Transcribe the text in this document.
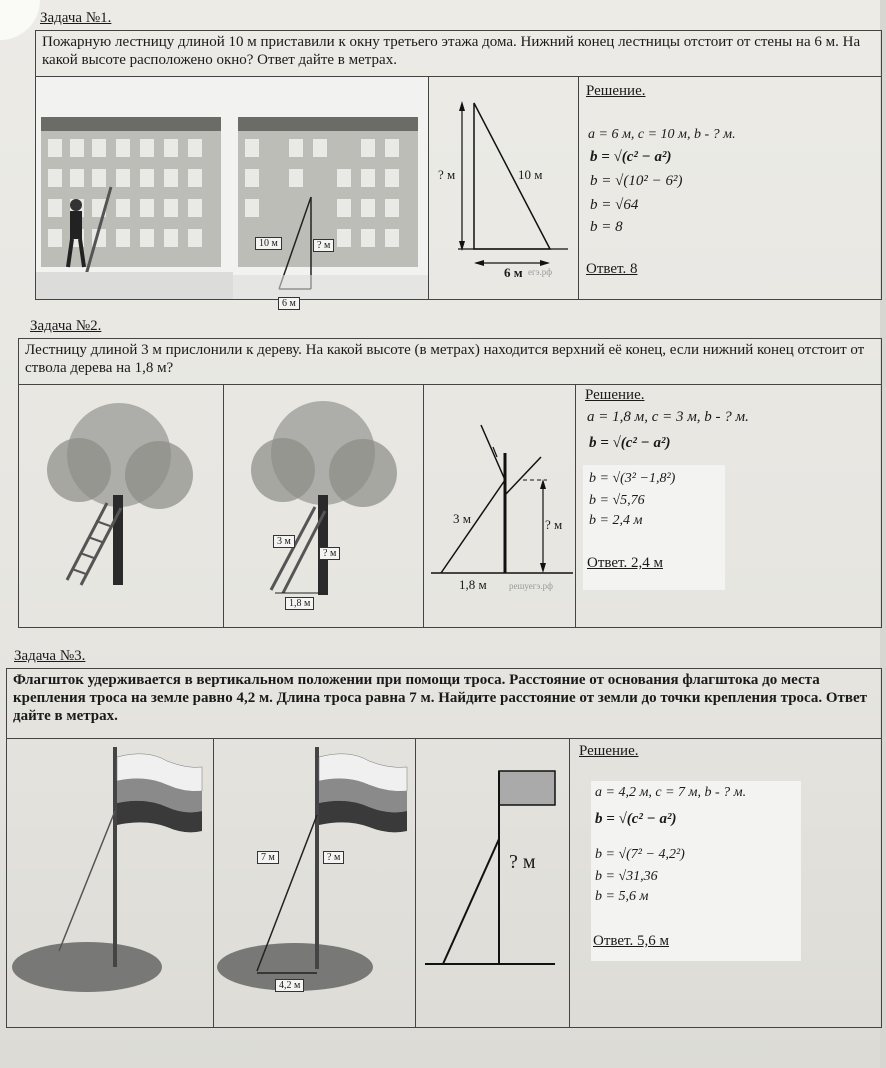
Задача №1.
Пожарную лестницу длиной 10 м приставили к окну третьего этажа дома. Нижний конец лестницы отстоит от стены на 6 м. На какой высоте расположено окно? Ответ дайте в метрах.
10 м	? м
6 м
? м	10 м
6 м егэ.рф
Решение.
a = 6 м, c = 10 м, b - ? м.
b = √(c² − a²)
b = √(10² − 6²)
b = √64
b = 8
Ответ. 8
Задача №2.
Лестницу длиной 3 м прислонили к дереву. На какой высоте (в метрах) находится верхний её конец, если нижний конец отстоит от ствола дерева на 1,8 м?
3 м
? м
1,8 м
3 м	? м
1,8 м решуегэ.рф
Решение.
a = 1,8 м, c = 3 м, b - ? м.
b = √(c² − a²)
b = √(3² −1,8²)
b = √5,76
b = 2,4 м
Ответ. 2,4 м
Задача №3.
Флагшток удерживается в вертикальном положении при помощи троса. Расстояние от основания флагштока до места крепления троса на земле равно 4,2 м. Длина троса равна 7 м. Найдите расстояние от земли до точки крепления троса. Ответ дайте в метрах.
7 м	? м
4,2 м
? м
Решение.
a = 4,2 м, c = 7 м, b - ? м.
b = √(c² − a²)
b = √(7² − 4,2²)
b = √31,36
b = 5,6 м
Ответ. 5,6 м
